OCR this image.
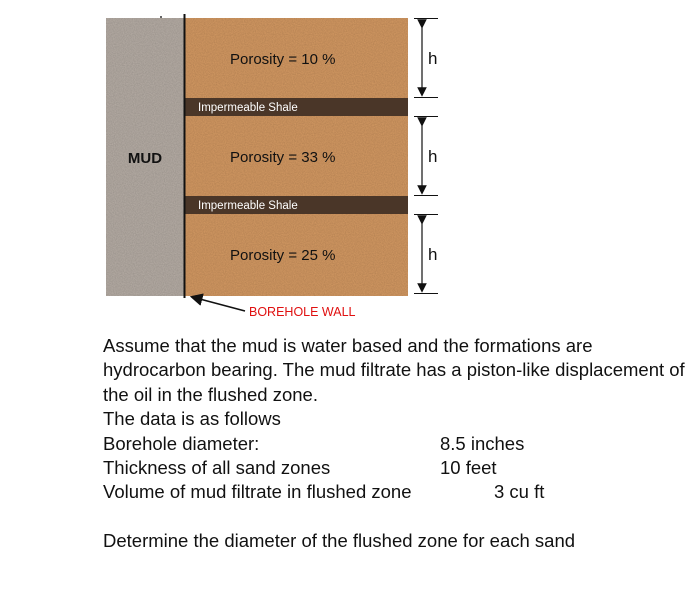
MUD
Impermeable Shale
Impermeable Shale
Porosity = 10 %
Porosity = 33 %
Porosity = 25 %
h
h
h
BOREHOLE WALL

Assume that the mud is water based and the formations are hydrocarbon bearing. The mud filtrate has a piston-like displacement of the oil in the flushed zone.

The data is as follows

Borehole diameter:	8.5 inches
Thickness of all sand zones	10 feet
Volume of mud filtrate in flushed zone	3 cu ft

Determine the diameter of the flushed zone for each sand
